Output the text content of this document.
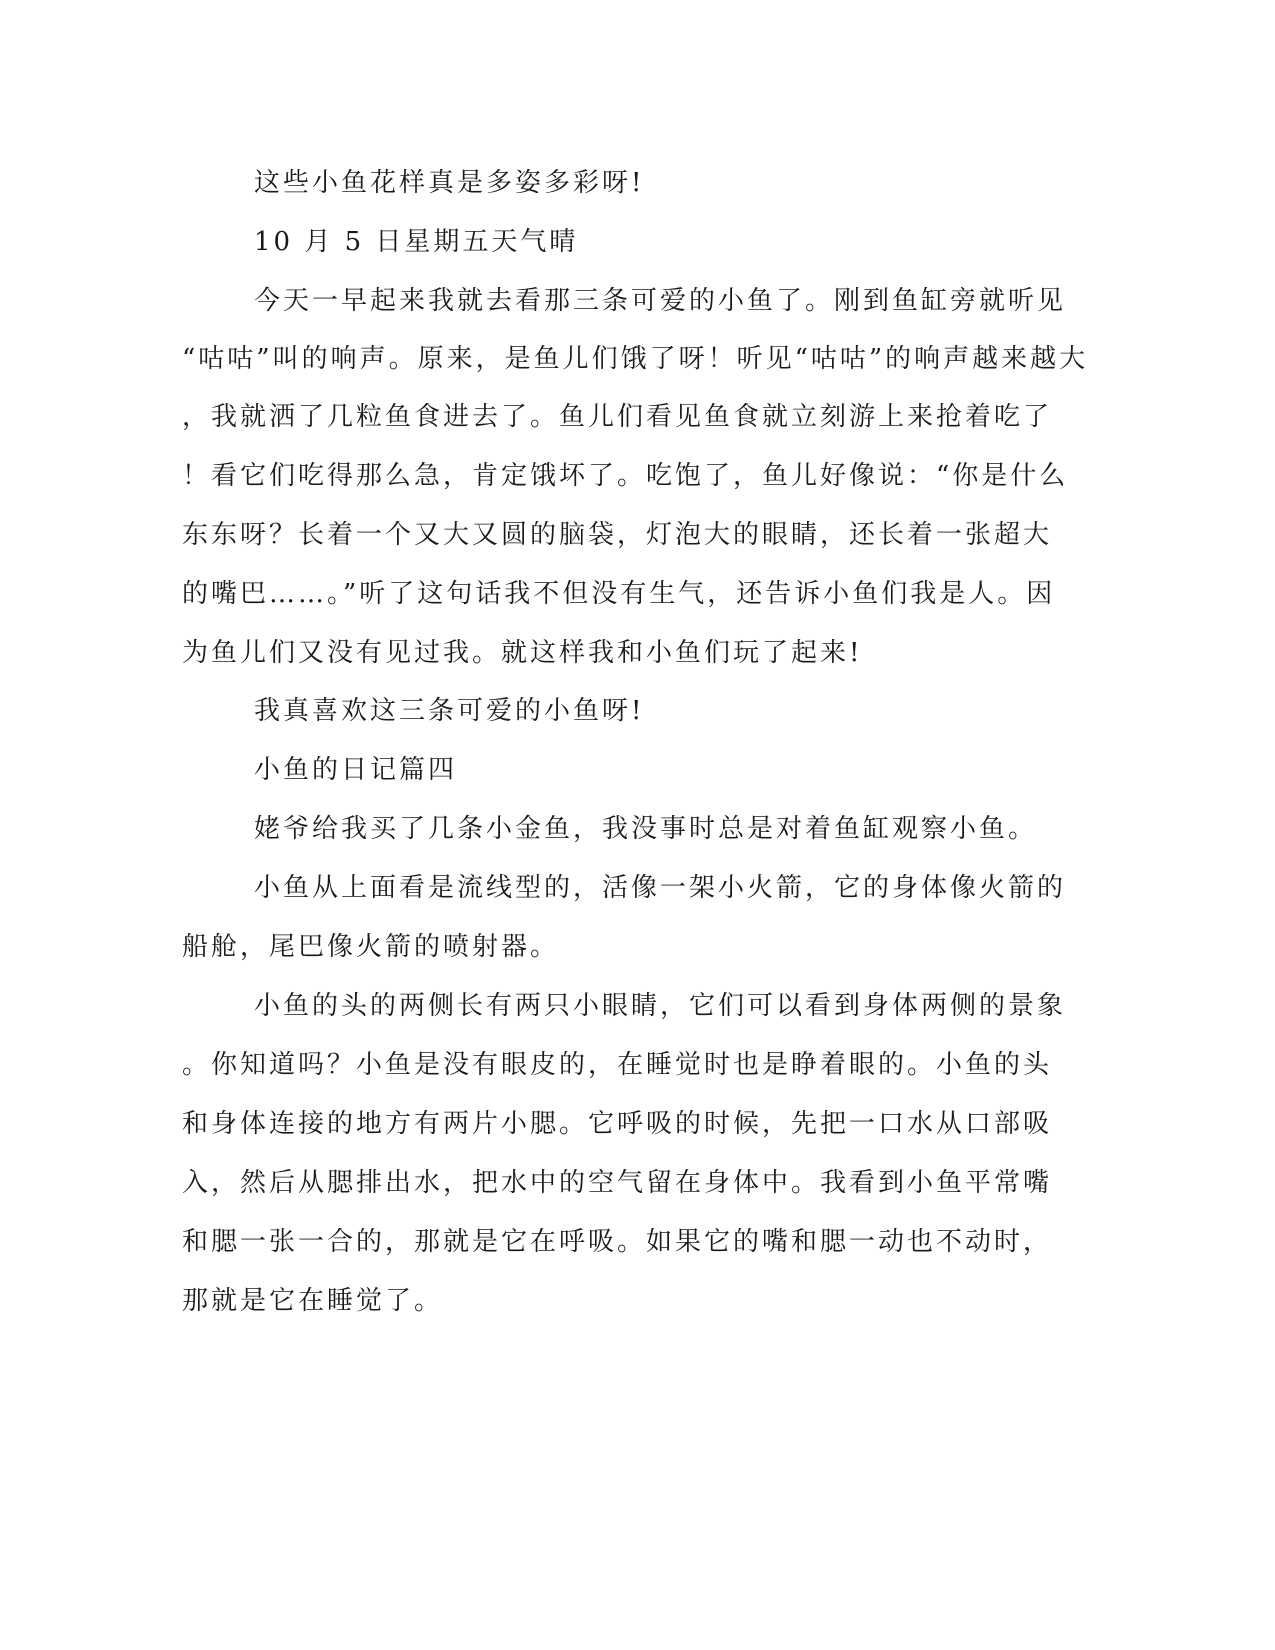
这些小鱼花样真是多姿多彩呀!
10 月 5 日星期五天气晴
今天一早起来我就去看那三条可爱的小鱼了。刚到鱼缸旁就听见
“咕咕”叫的响声。原来，是鱼儿们饿了呀！听见“咕咕”的响声越来越大
，我就洒了几粒鱼食进去了。鱼儿们看见鱼食就立刻游上来抢着吃了
！看它们吃得那么急，肯定饿坏了。吃饱了，鱼儿好像说：“你是什么
东东呀？长着一个又大又圆的脑袋，灯泡大的眼睛，还长着一张超大
的嘴巴……。”听了这句话我不但没有生气，还告诉小鱼们我是人。因
为鱼儿们又没有见过我。就这样我和小鱼们玩了起来!
我真喜欢这三条可爱的小鱼呀!
小鱼的日记篇四
姥爷给我买了几条小金鱼，我没事时总是对着鱼缸观察小鱼。
小鱼从上面看是流线型的，活像一架小火箭，它的身体像火箭的
船舱，尾巴像火箭的喷射器。
小鱼的头的两侧长有两只小眼睛，它们可以看到身体两侧的景象
。你知道吗？小鱼是没有眼皮的，在睡觉时也是睁着眼的。小鱼的头
和身体连接的地方有两片小腮。它呼吸的时候，先把一口水从口部吸
入，然后从腮排出水，把水中的空气留在身体中。我看到小鱼平常嘴
和腮一张一合的，那就是它在呼吸。如果它的嘴和腮一动也不动时，
那就是它在睡觉了。
